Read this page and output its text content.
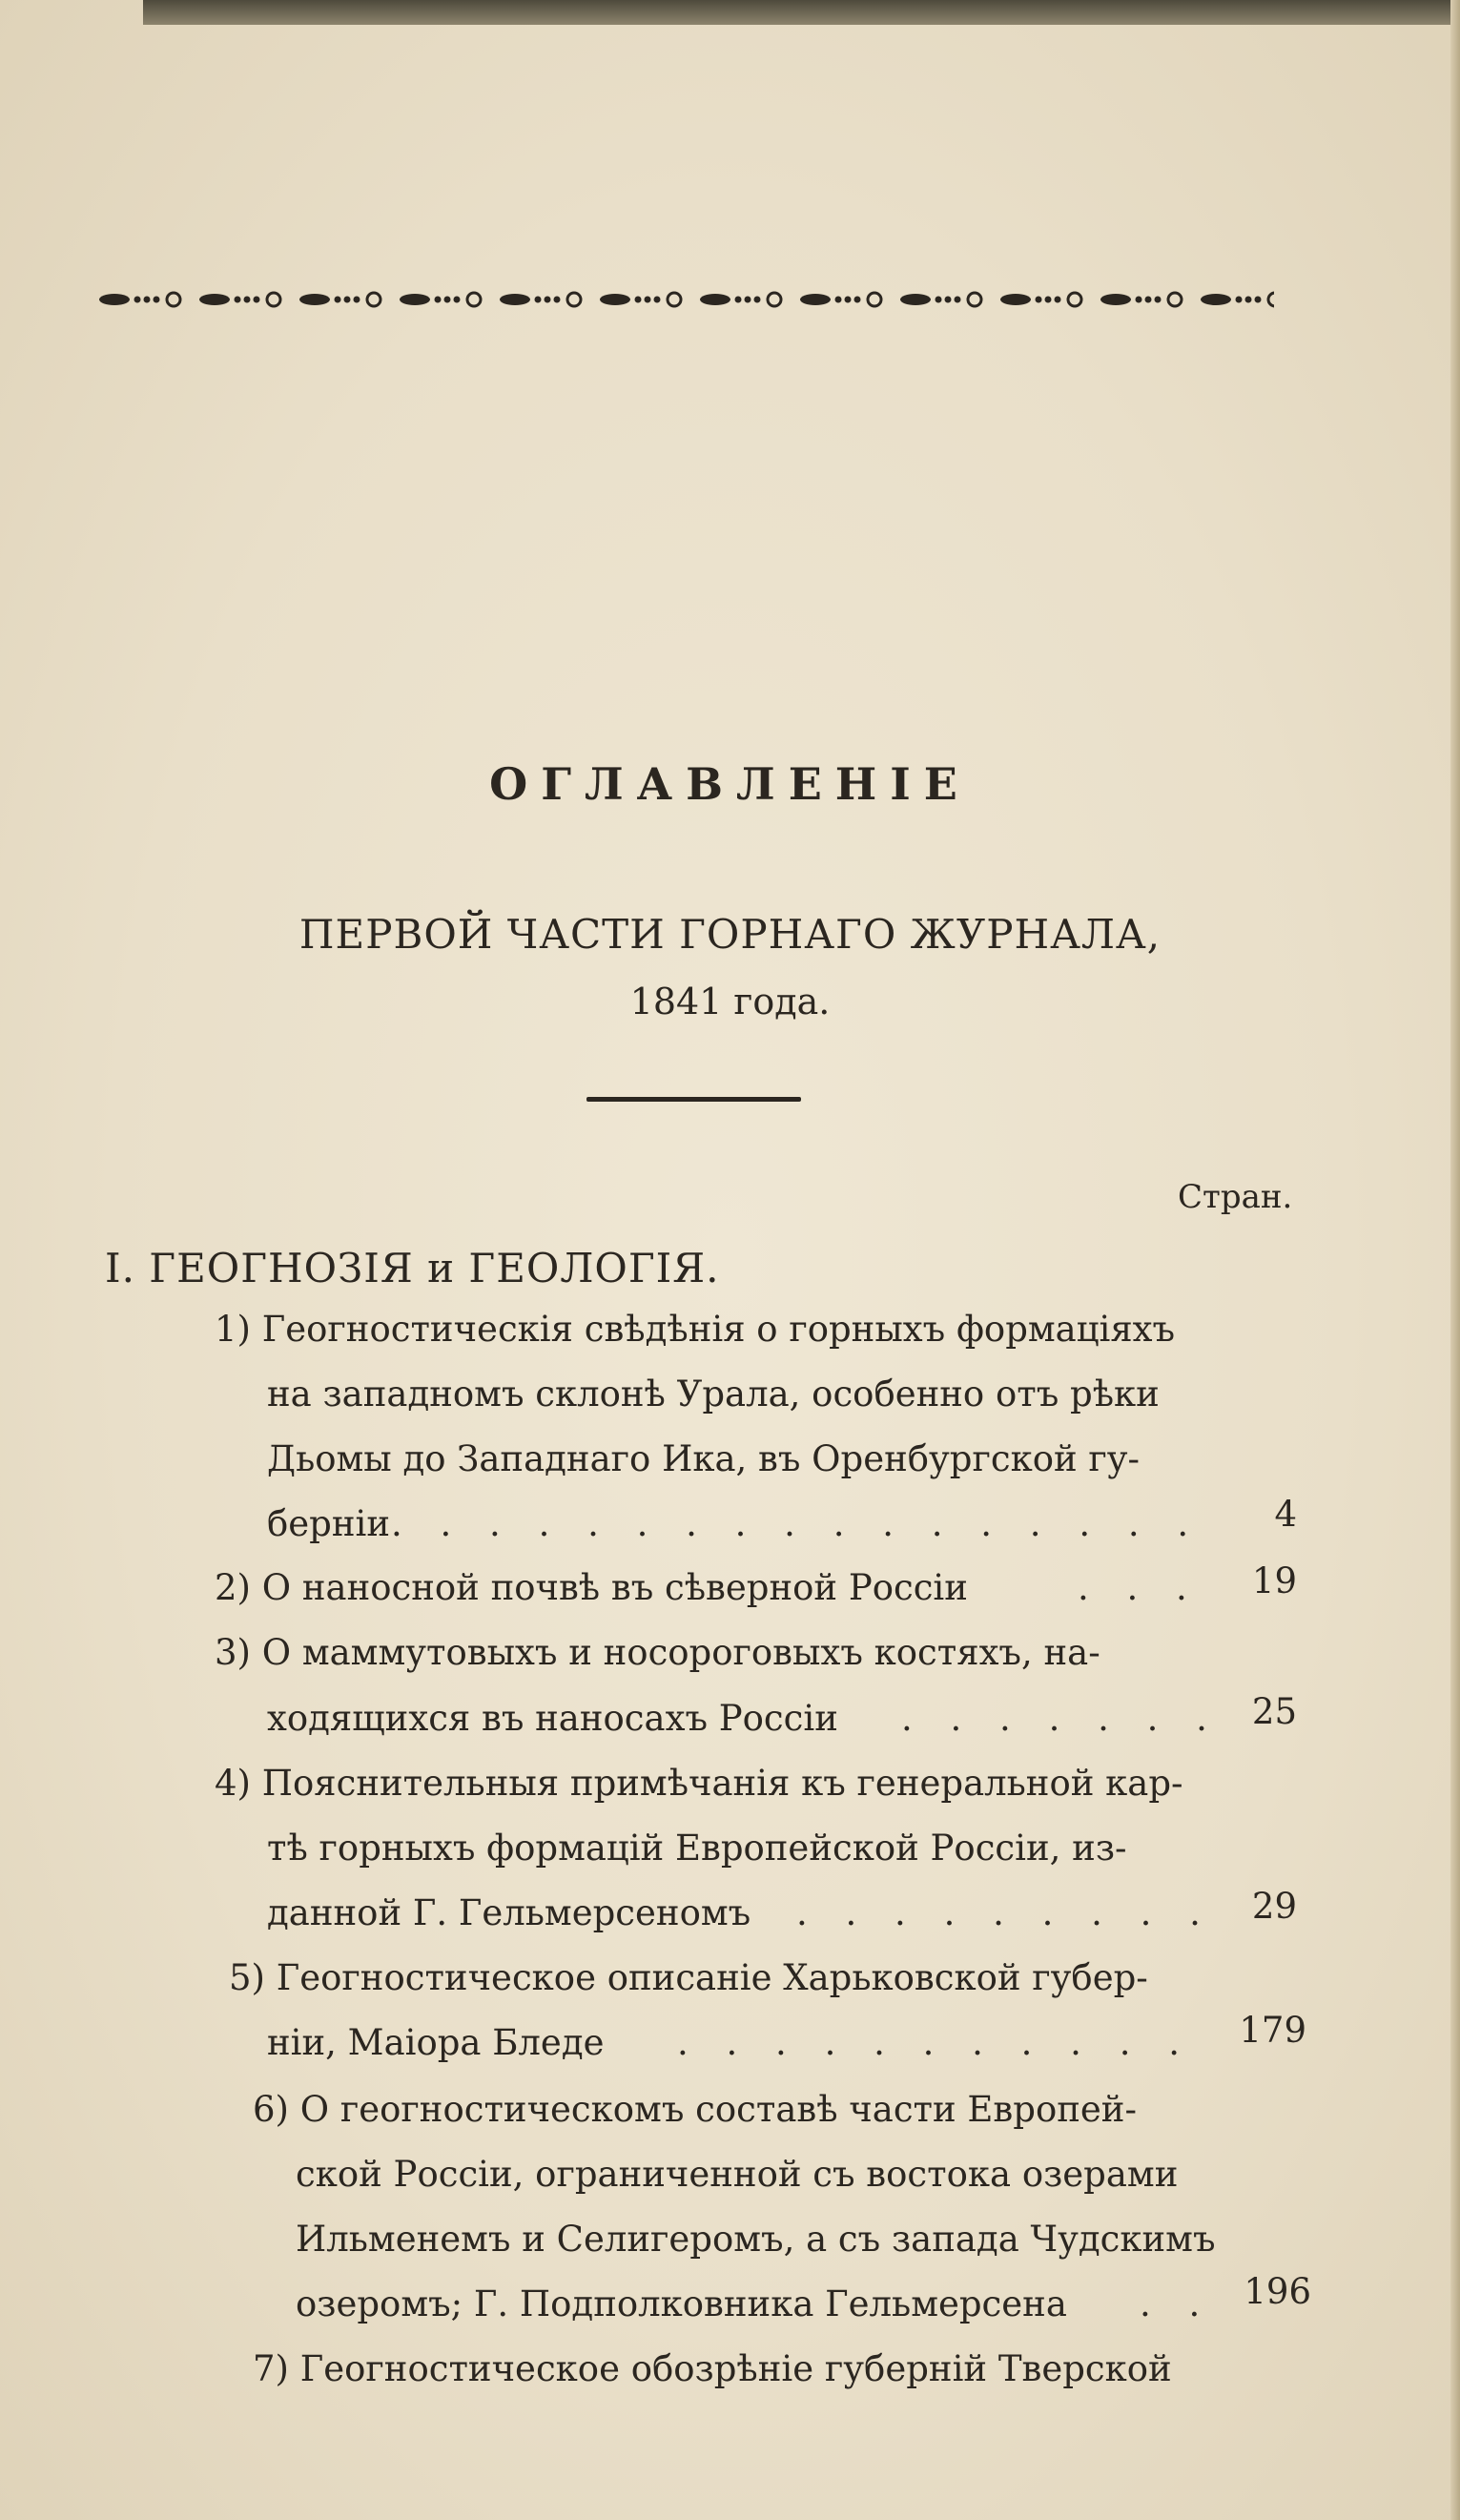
ОГЛАВЛЕНІЕ
ПЕРВОЙ ЧАСТИ ГОРНАГО ЖУРНАЛА,
1841 года.
Стран.
I. ГЕОГНОЗІЯ и ГЕОЛОГІЯ.
1) Геогностическія свѣдѣнія о горныхъ формаціяхъ
на западномъ склонѣ Урала, особенно отъ рѣки
Дьомы до Западнаго Ика, въ Оренбургской гу-
берніи . . . . . . . . . . . . . . . . .	4
2) О наносной почвѣ въ сѣверной Россіи	. . .	19
3) О маммутовыхъ и носороговыхъ костяхъ, на-
ходящихся въ наносахъ Россіи . . . . . . . 25
4) Пояснительныя примѣчанія къ генеральной кар-
тѣ горныхъ формацій Европейской Россіи, из-
данной Г. Гельмерсеномъ . . . . . . . . .	29
5) Геогностическое описаніе Харьковской губер-
ніи, Маіора Бледе . . . . . . . . . . .	179
6) О геогностическомъ составѣ части Европей-
ской Россіи, ограниченной съ востока озерами
Ильменемъ и Селигеромъ, а съ запада Чудскимъ
озеромъ; Г. Подполковника Гельмерсена . . 196
7) Геогностическое обозрѣніе губерній Тверской
